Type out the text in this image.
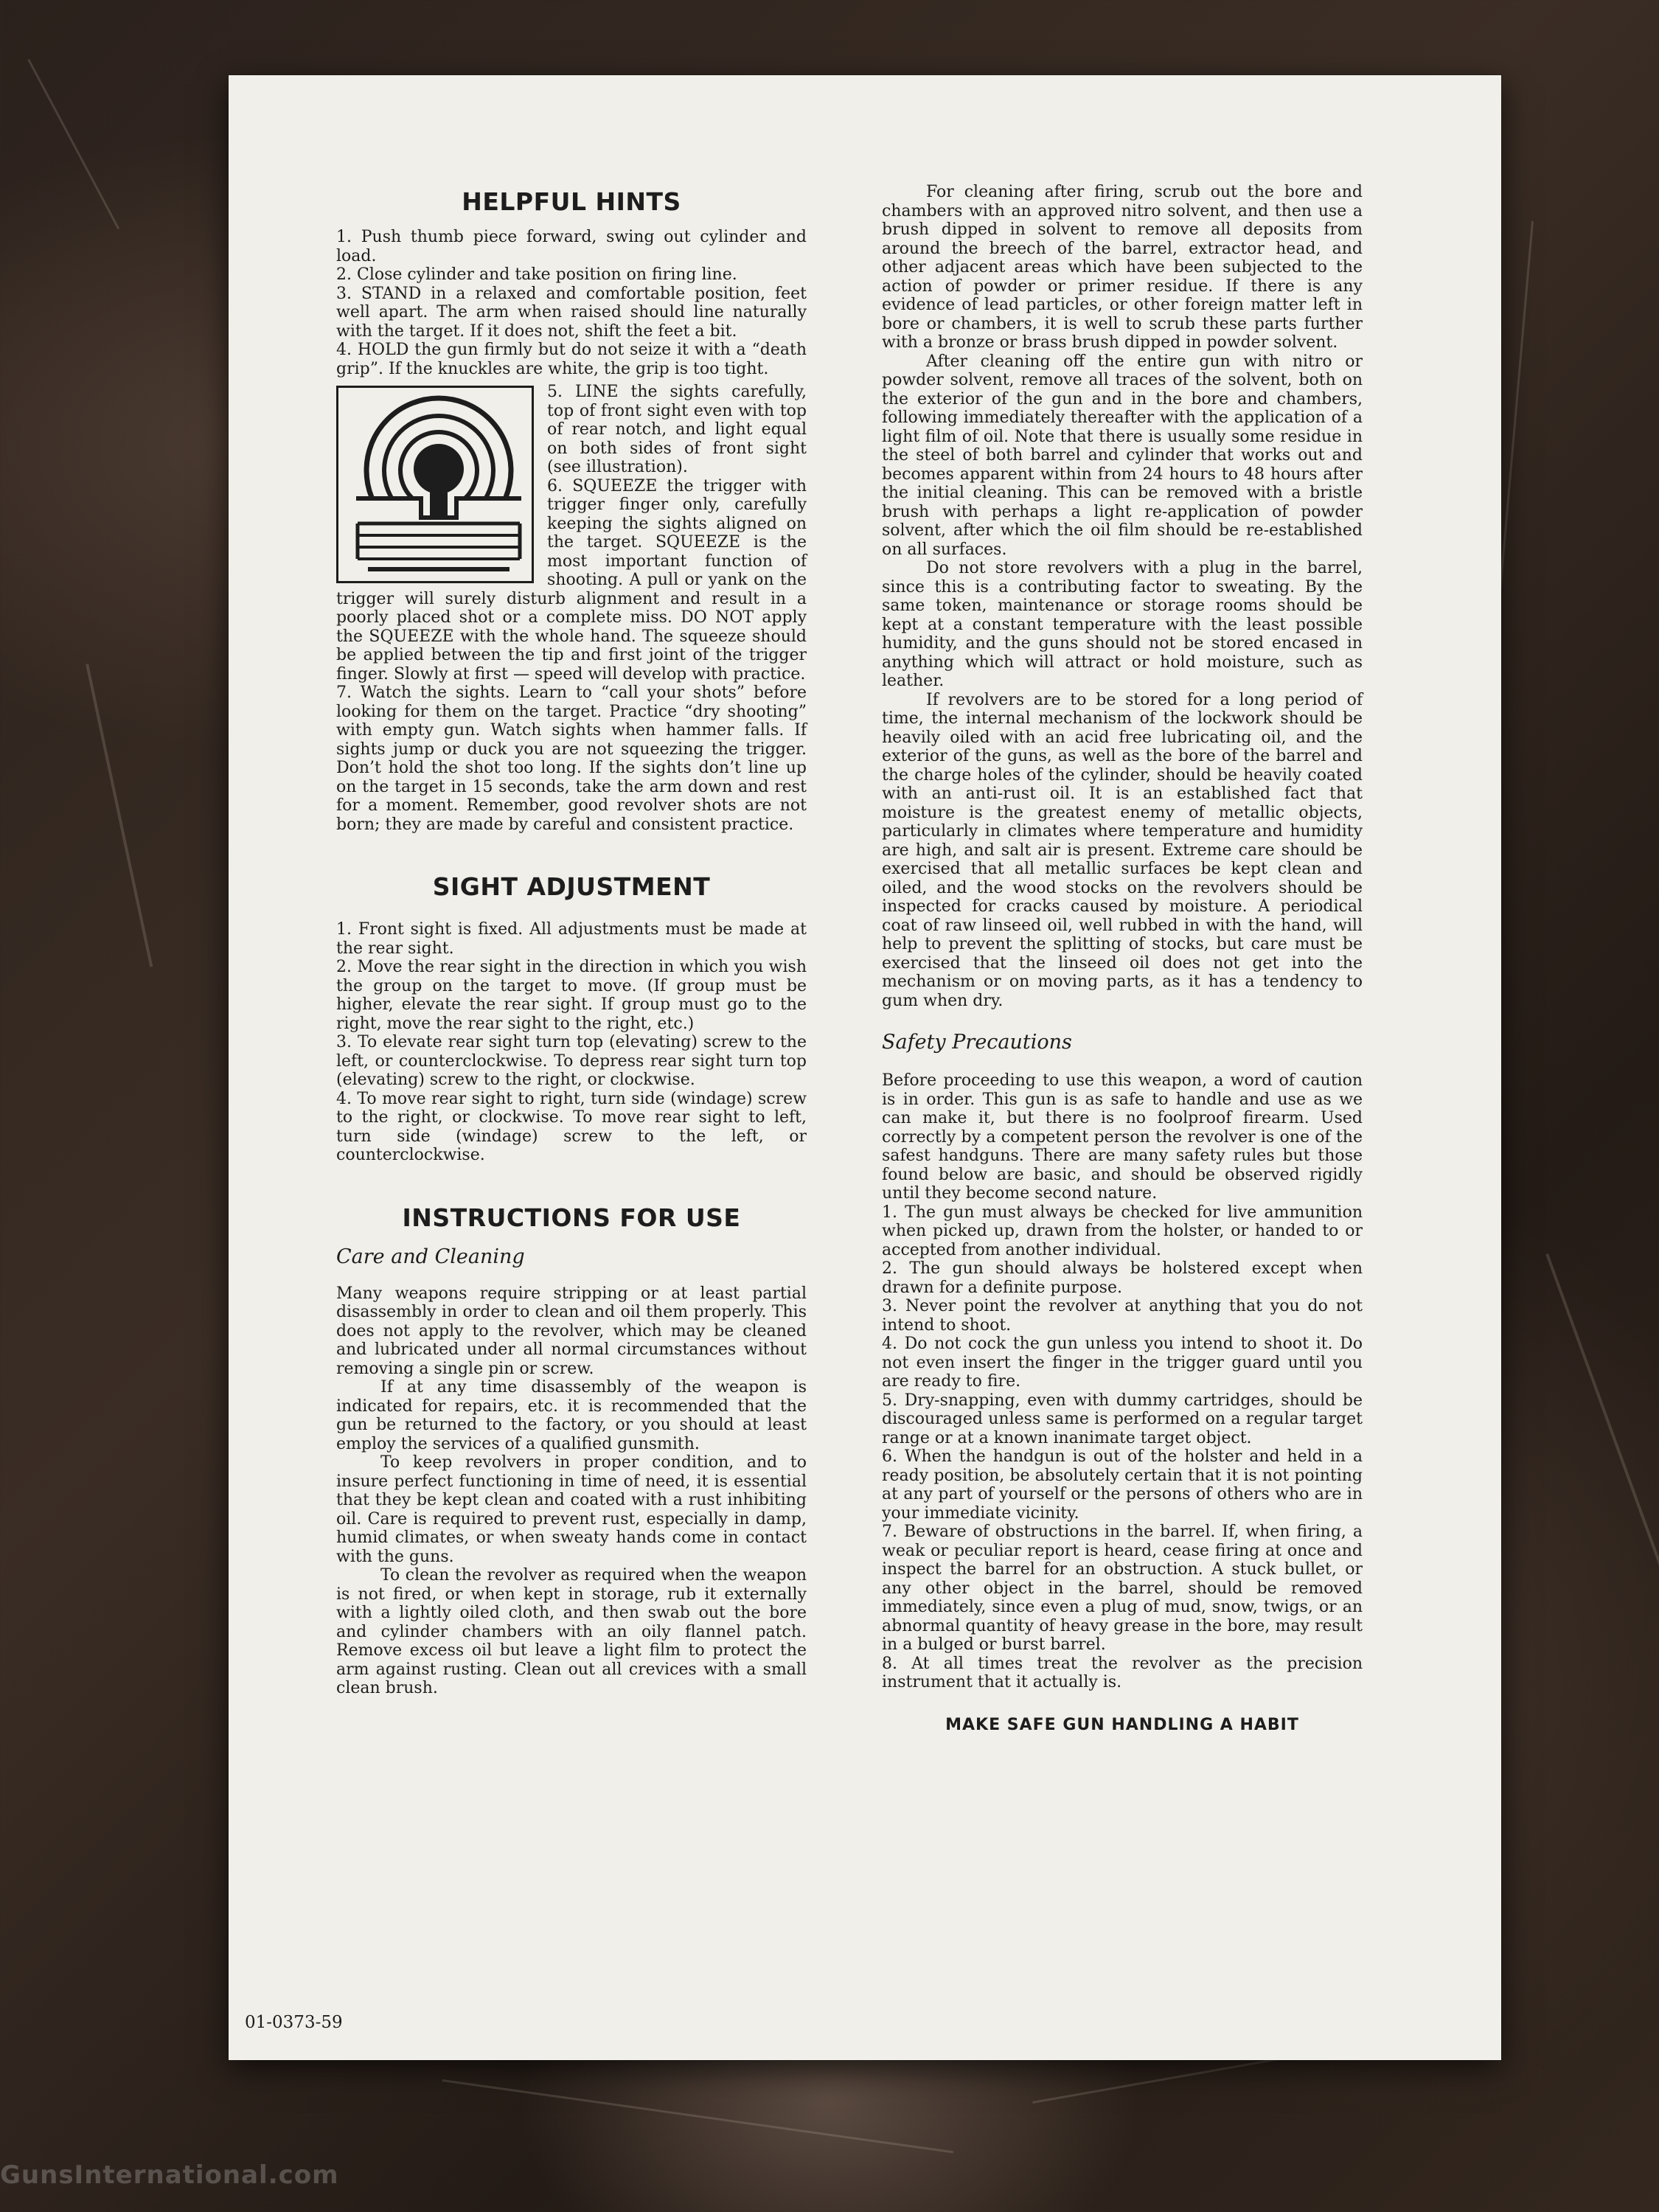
GunsInternational.com
HELPFUL HINTS

1. Push thumb piece forward, swing out cylinder and load.

2. Close cylinder and take position on firing line.

3. STAND in a relaxed and comfortable position, feet well apart. The arm when raised should line naturally with the target. If it does not, shift the feet a bit.

4. HOLD the gun firmly but do not seize it with a “death grip”. If the knuckles are white, the grip is too tight.

5. LINE the sights carefully, top of front sight even with top of rear notch, and light equal on both sides of front sight (see illustration).

6. SQUEEZE the trigger with trigger finger only, carefully keeping the sights aligned on the target. SQUEEZE is the most important function of shooting. A pull or yank on the trigger will surely disturb alignment and result in a poorly placed shot or a complete miss. DO NOT apply the SQUEEZE with the whole hand. The squeeze should be applied between the tip and first joint of the trigger finger. Slowly at first — speed will develop with practice.

7. Watch the sights. Learn to “call your shots” before looking for them on the target. Practice “dry shooting” with empty gun. Watch sights when hammer falls. If sights jump or duck you are not squeezing the trigger. Don’t hold the shot too long. If the sights don’t line up on the target in 15 seconds, take the arm down and rest for a moment. Remember, good revolver shots are not born; they are made by careful and consistent practice.

SIGHT ADJUSTMENT

1. Front sight is fixed. All adjustments must be made at the rear sight.

2. Move the rear sight in the direction in which you wish the group on the target to move. (If group must be higher, elevate the rear sight. If group must go to the right, move the rear sight to the right, etc.)

3. To elevate rear sight turn top (elevating) screw to the left, or counterclockwise. To depress rear sight turn top (elevating) screw to the right, or clockwise.

4. To move rear sight to right, turn side (windage) screw to the right, or clockwise. To move rear sight to left, turn side (windage) screw to the left, or counterclockwise.

INSTRUCTIONS FOR USE

Care and Cleaning

Many weapons require stripping or at least partial disassembly in order to clean and oil them properly. This does not apply to the revolver, which may be cleaned and lubricated under all normal circumstances without removing a single pin or screw.

If at any time disassembly of the weapon is indicated for repairs, etc. it is recommended that the gun be returned to the factory, or you should at least employ the services of a qualified gunsmith.

To keep revolvers in proper condition, and to insure perfect functioning in time of need, it is essential that they be kept clean and coated with a rust inhibiting oil. Care is required to prevent rust, especially in damp, humid climates, or when sweaty hands come in contact with the guns.

To clean the revolver as required when the weapon is not fired, or when kept in storage, rub it externally with a lightly oiled cloth, and then swab out the bore and cylinder chambers with an oily flannel patch. Remove excess oil but leave a light film to protect the arm against rusting. Clean out all crevices with a small clean brush.

For cleaning after firing, scrub out the bore and chambers with an approved nitro solvent, and then use a brush dipped in solvent to remove all deposits from around the breech of the barrel, extractor head, and other adjacent areas which have been subjected to the action of powder or primer residue. If there is any evidence of lead particles, or other foreign matter left in bore or chambers, it is well to scrub these parts further with a bronze or brass brush dipped in powder solvent.

After cleaning off the entire gun with nitro or powder solvent, remove all traces of the solvent, both on the exterior of the gun and in the bore and chambers, following immediately thereafter with the application of a light film of oil. Note that there is usually some residue in the steel of both barrel and cylinder that works out and becomes apparent within from 24 hours to 48 hours after the initial cleaning. This can be removed with a bristle brush with perhaps a light re-application of powder solvent, after which the oil film should be re-established on all surfaces.

Do not store revolvers with a plug in the barrel, since this is a contributing factor to sweating. By the same token, maintenance or storage rooms should be kept at a constant temperature with the least possible humidity, and the guns should not be stored encased in anything which will attract or hold moisture, such as leather.

If revolvers are to be stored for a long period of time, the internal mechanism of the lockwork should be heavily oiled with an acid free lubricating oil, and the exterior of the guns, as well as the bore of the barrel and the charge holes of the cylinder, should be heavily coated with an anti-rust oil. It is an established fact that moisture is the greatest enemy of metallic objects, particularly in climates where temperature and humidity are high, and salt air is present. Extreme care should be exercised that all metallic surfaces be kept clean and oiled, and the wood stocks on the revolvers should be inspected for cracks caused by moisture. A periodical coat of raw linseed oil, well rubbed in with the hand, will help to prevent the splitting of stocks, but care must be exercised that the linseed oil does not get into the mechanism or on moving parts, as it has a tendency to gum when dry.

Safety Precautions

Before proceeding to use this weapon, a word of caution is in order. This gun is as safe to handle and use as we can make it, but there is no foolproof firearm. Used correctly by a competent person the revolver is one of the safest handguns. There are many safety rules but those found below are basic, and should be observed rigidly until they become second nature.

1. The gun must always be checked for live ammunition when picked up, drawn from the holster, or handed to or accepted from another individual.

2. The gun should always be holstered except when drawn for a definite purpose.

3. Never point the revolver at anything that you do not intend to shoot.

4. Do not cock the gun unless you intend to shoot it. Do not even insert the finger in the trigger guard until you are ready to fire.

5. Dry-snapping, even with dummy cartridges, should be discouraged unless same is performed on a regular target range or at a known inanimate target object.

6. When the handgun is out of the holster and held in a ready position, be absolutely certain that it is not pointing at any part of yourself or the persons of others who are in your immediate vicinity.

7. Beware of obstructions in the barrel. If, when firing, a weak or peculiar report is heard, cease firing at once and inspect the barrel for an obstruction. A stuck bullet, or any other object in the barrel, should be removed immediately, since even a plug of mud, snow, twigs, or an abnormal quantity of heavy grease in the bore, may result in a bulged or burst barrel.

8. At all times treat the revolver as the precision instrument that it actually is.

MAKE SAFE GUN HANDLING A HABIT

01-0373-59
